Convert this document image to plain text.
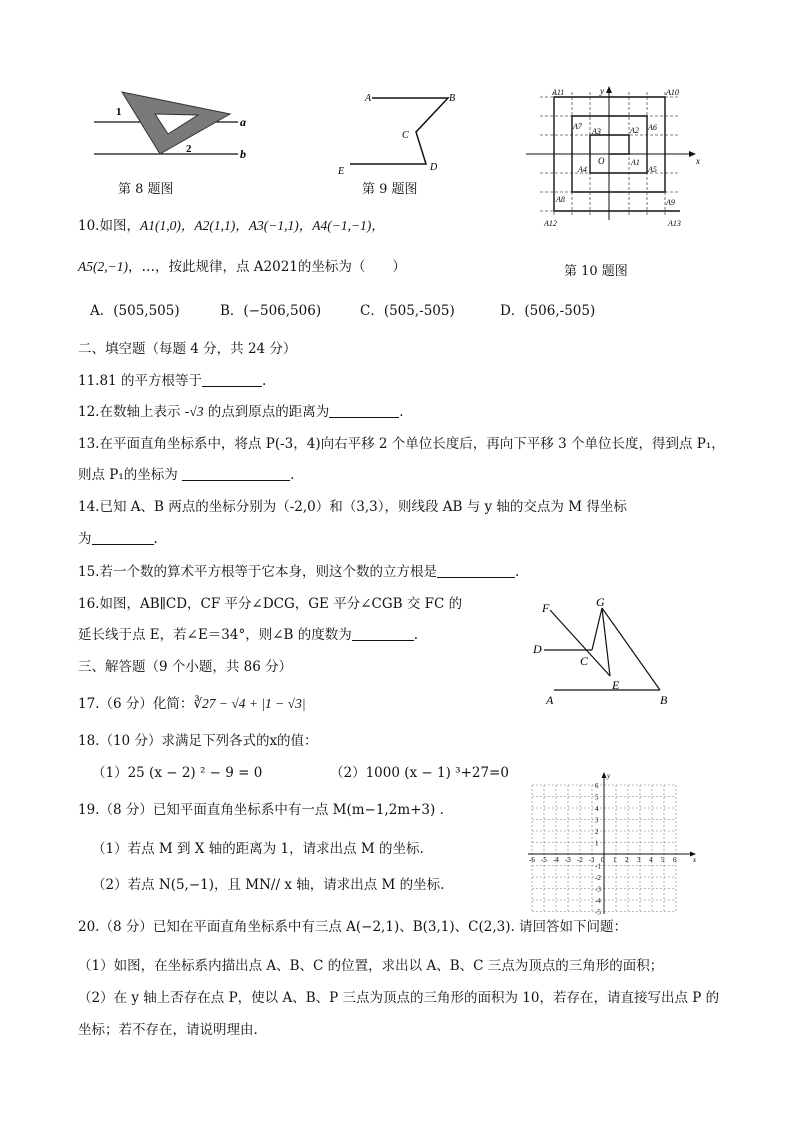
1
2
a
b
第 8 题图
A	B
C
D
E
第 9 题图
O	x
y
A1
A2
A3
A4	A5
A6
A7
A8	A9
A10
A11
A12	A13
第 10 题图
10.如图，A1(1,0)，A2(1,1)，A3(−1,1)，A4(−1,−1)，
A5(2,−1)，…，按此规律，点 A2021的坐标为（　　）
A．(505,505)	B．(−506,506)	C．(505,-505)	D．(506,-505)
二、填空题（每题 4 分，共 24 分）
11.81 的平方根等于	.
12.在数轴上表示 -√3 的点到原点的距离为	.
13.在平面直角坐标系中，将点 P(-3，4)向右平移 2 个单位长度后，再向下平移 3 个单位长度，得到点 P₁，
则点 P₁的坐标为	.
14.已知 A、B 两点的坐标分别为（-2,0）和（3,3），则线段 AB 与 y 轴的交点为 M 得坐标
为	.
15.若一个数的算术平方根等于它本身，则这个数的立方根是	.
16.如图，AB∥CD，CF 平分∠DCG，GE 平分∠CGB 交 FC 的
延长线于点 E，若∠E＝34°，则∠B 的度数为	.
F	G
D
C
E
A	B
三、解答题（9 个小题，共 86 分）
17.（6 分）化简：∛27 − √4 + |1 − √3|
18.（10 分）求满足下列各式的x的值：
（1）25 (x − 2) ² − 9 = 0	（2）1000 (x − 1) ³+27=0
19.（8 分）已知平面直角坐标系中有一点 M(m−1,2m+3) .
（1）若点 M 到 X 轴的距离为 1，请求出点 M 的坐标.
（2）若点 N(5,−1)，且 MN// x 轴，请求出点 M 的坐标.
x
y
-6 -5
-5
-4
-4
-3
-3
-2
-2
-1
-1
0 1
1
2
2
3
3
4
4
5
5
6
6
20.（8 分）已知在平面直角坐标系中有三点 A(−2,1)、B(3,1)、C(2,3). 请回答如下问题：
（1）如图，在坐标系内描出点 A、B、C 的位置，求出以 A、B、C 三点为顶点的三角形的面积；
（2）在 y 轴上否存在点 P，使以 A、B、P 三点为顶点的三角形的面积为 10，若存在，请直接写出点 P 的
坐标；若不存在，请说明理由.
